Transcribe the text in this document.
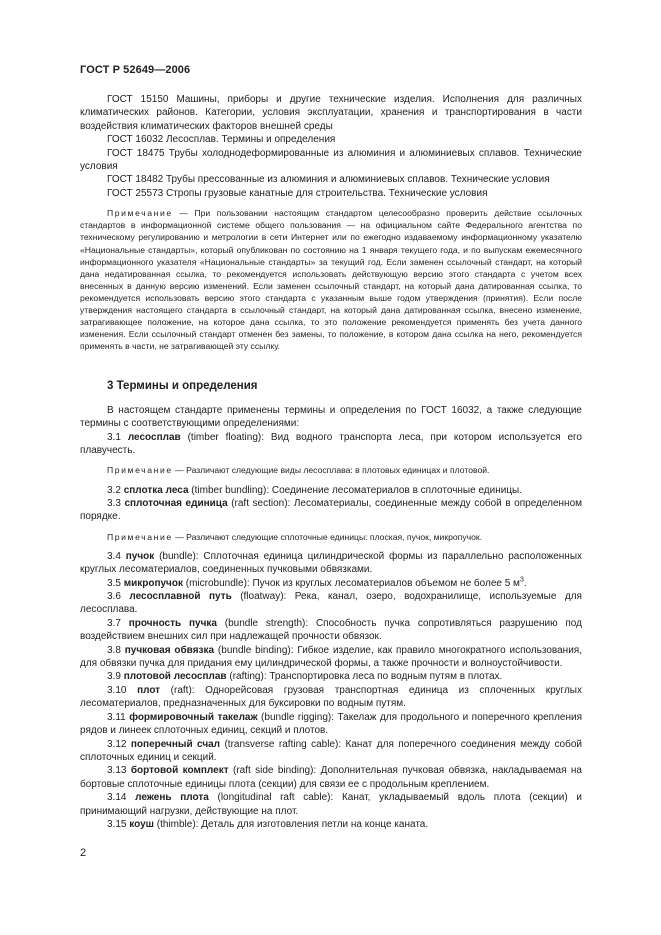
ГОСТ Р 52649—2006

ГОСТ 15150 Машины, приборы и другие технические изделия. Исполнения для различных климатических районов. Категории, условия эксплуатации, хранения и транспортирования в части воздействия климатических факторов внешней среды

ГОСТ 16032 Лесосплав. Термины и определения

ГОСТ 18475 Трубы холоднодеформированные из алюминия и алюминиевых сплавов. Технические условия

ГОСТ 18482 Трубы прессованные из алюминия и алюминиевых сплавов. Технические условия

ГОСТ 25573 Стропы грузовые канатные для строительства. Технические условия

Примечание — При пользовании настоящим стандартом целесообразно проверить действие ссылочных стандартов в информационной системе общего пользования — на официальном сайте Федерального агентства по техническому регулированию и метрологии в сети Интернет или по ежегодно издаваемому информационному указателю «Национальные стандарты», который опубликован по состоянию на 1 января текущего года, и по выпускам ежемесячного информационного указателя «Национальные стандарты» за текущий год. Если заменен ссылочный стандарт, на который дана недатированная ссылка, то рекомендуется использовать действующую версию этого стандарта с учетом всех внесенных в данную версию изменений. Если заменен ссылочный стандарт, на который дана датированная ссылка, то рекомендуется использовать версию этого стандарта с указанным выше годом утверждения (принятия). Если после утверждения настоящего стандарта в ссылочный стандарт, на который дана датированная ссылка, внесено изменение, затрагивающее положение, на которое дана ссылка, то это положение рекомендуется применять без учета данного изменения. Если ссылочный стандарт отменен без замены, то положение, в котором дана ссылка на него, рекомендуется применять в части, не затрагивающей эту ссылку.

3 Термины и определения

В настоящем стандарте применены термины и определения по ГОСТ 16032, а также следующие термины с соответствующими определениями:

3.1 лесосплав (timber floating): Вид водного транспорта леса, при котором используется его плавучесть.

Примечание — Различают следующие виды лесосплава: в плотовых единицах и плотовой.

3.2 сплотка леса (timber bundling): Соединение лесоматериалов в сплоточные единицы.

3.3 сплоточная единица (raft section): Лесоматериалы, соединенные между собой в определенном порядке.

Примечание — Различают следующие сплоточные единицы: плоская, пучок, микропучок.

3.4 пучок (bundle): Сплоточная единица цилиндрической формы из параллельно расположенных круглых лесоматериалов, соединенных пучковыми обвязками.

3.5 микропучок (microbundle): Пучок из круглых лесоматериалов объемом не более 5 $м^3$.

3.6 лесосплавной путь (floatway): Река, канал, озеро, водохранилище, используемые для лесосплава.

3.7 прочность пучка (bundle strength): Способность пучка сопротивляться разрушению под воздействием внешних сил при надлежащей прочности обвязок.

3.8 пучковая обвязка (bundle binding): Гибкое изделие, как правило многократного использования, для обвязки пучка для придания ему цилиндрической формы, а также прочности и волноустойчивости.

3.9 плотовой лесосплав (rafting): Транспортировка леса по водным путям в плотах.

3.10 плот (raft): Однорейсовая грузовая транспортная единица из сплоченных круглых лесоматериалов, предназначенных для буксировки по водным путям.

3.11 формировочный такелаж (bundle rigging): Такелаж для продольного и поперечного крепления рядов и линеек сплоточных единиц, секций и плотов.

3.12 поперечный счал (transverse rafting cable): Канат для поперечного соединения между собой сплоточных единиц и секций.

3.13 бортовой комплект (raft side binding): Дополнительная пучковая обвязка, накладываемая на бортовые сплоточные единицы плота (секции) для связи ее с продольным креплением.

3.14 лежень плота (longitudinal raft cable): Канат, укладываемый вдоль плота (секции) и принимающий нагрузки, действующие на плот.

3.15 коуш (thimble): Деталь для изготовления петли на конце каната.

2
